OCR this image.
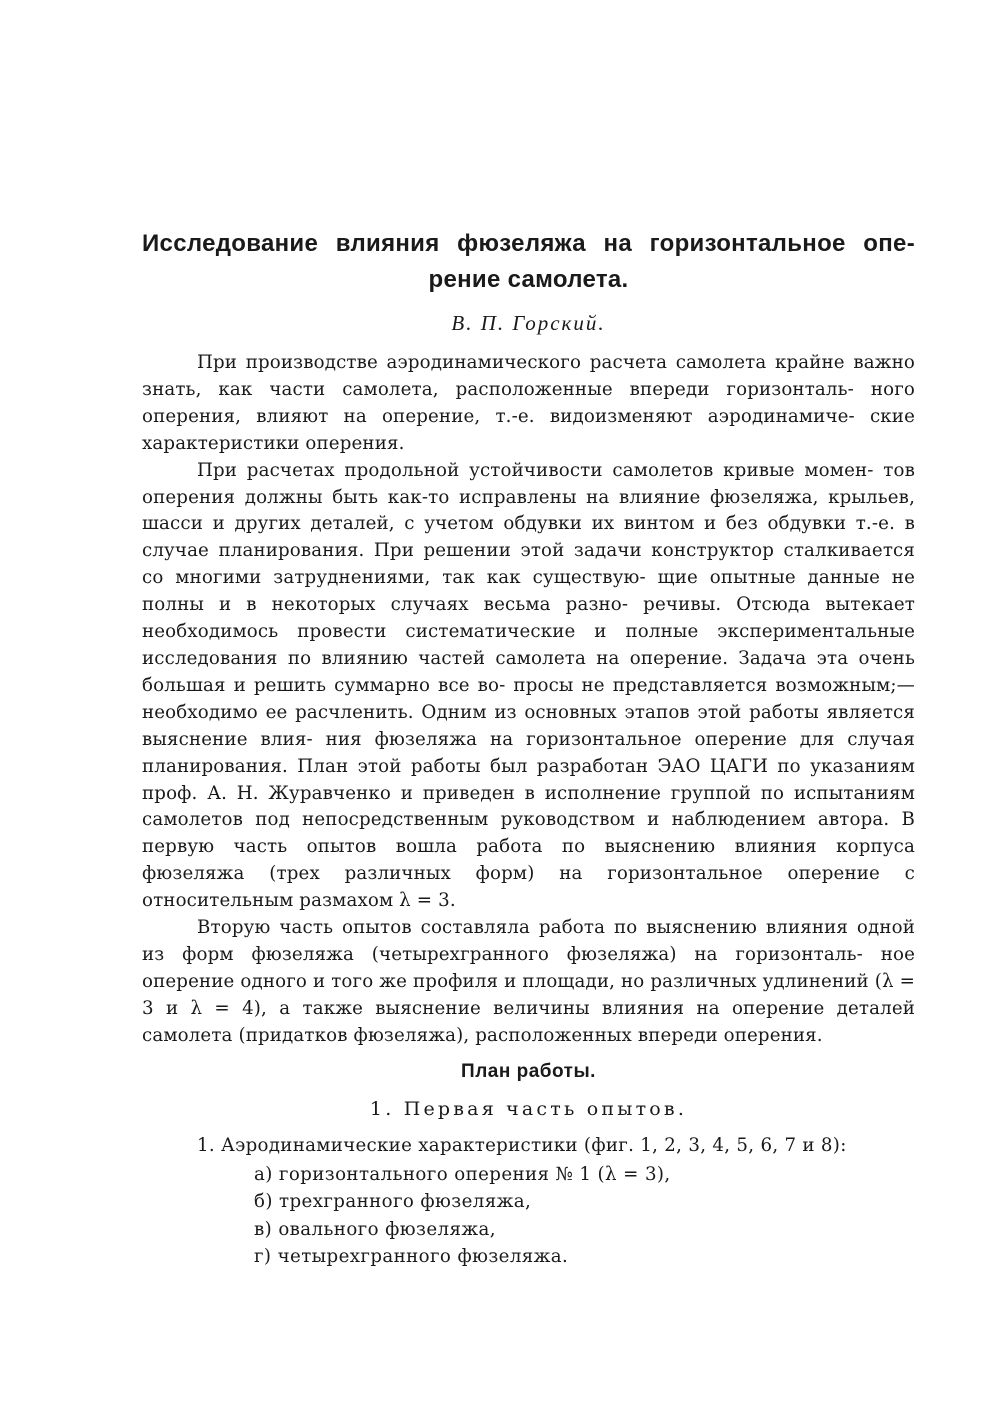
Исследование влияния фюзеляжа на горизонтальное опе- рение самолета.
В. П. Горский.

При производстве аэродинамического расчета самолета крайне важно знать, как части самолета, расположенные впереди горизонталь- ного оперения, влияют на оперение, т.-е. видоизменяют аэродинамиче- ские характеристики оперения.

При расчетах продольной устойчивости самолетов кривые момен- тов оперения должны быть как-то исправлены на влияние фюзеляжа, крыльев, шасси и других деталей, с учетом обдувки их винтом и без обдувки т.-е. в случае планирования. При решении этой задачи конструктор сталкивается со многими затруднениями, так как существую- щие опытные данные не полны и в некоторых случаях весьма разно- речивы. Отсюда вытекает необходимось провести систематические и полные экспериментальные исследования по влиянию частей самолета на оперение. Задача эта очень большая и решить суммарно все во- просы не представляется возможным;—необходимо ее расчленить. Одним из основных этапов этой работы является выяснение влия- ния фюзеляжа на горизонтальное оперение для случая планирования. План этой работы был разработан ЭАО ЦАГИ по указаниям проф. А. Н. Журавченко и приведен в исполнение группой по испытаниям самолетов под непосредственным руководством и наблюдением автора. В первую часть опытов вошла работа по выяснению влияния корпуса фюзеляжа (трех различных форм) на горизонтальное оперение с относительным размахом λ = 3.

Вторую часть опытов составляла работа по выяснению влияния одной из форм фюзеляжа (четырехгранного фюзеляжа) на горизонталь- ное оперение одного и того же профиля и площади, но различных удлинений (λ = 3 и λ = 4), а также выяснение величины влияния на оперение деталей самолета (придатков фюзеляжа), расположенных впереди оперения.

План работы.
1. Первая часть опытов.
1. Аэродинамические характеристики (фиг. 1, 2, 3, 4, 5, 6, 7 и 8):
а) горизонтального оперения № 1 (λ = 3),
б) трехгранного фюзеляжа,
в) овального фюзеляжа,
г) четырехгранного фюзеляжа.
